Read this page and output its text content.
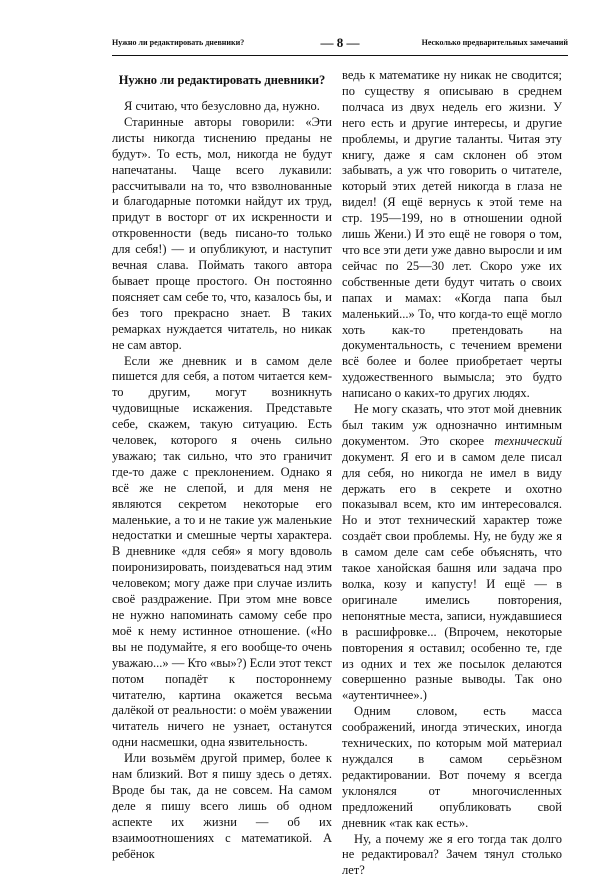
Нужно ли редактировать дневники?	— 8 —	Несколько предварительных замечаний
Нужно ли редактировать дневники?

Я считаю, что безусловно да, нужно.

Старинные авторы говорили: «Эти листы никогда тиснению преданы не будут». То есть, мол, никогда не будут напечатаны. Чаще всего лукавили: рассчитывали на то, что взволнованные и благодарные потомки найдут их труд, придут в восторг от их искренности и откровенности (ведь писано-то только для себя!) — и опубликуют, и наступит вечная слава. Поймать такого автора бывает проще простого. Он постоянно поясняет сам себе то, что, казалось бы, и без того прекрасно знает. В таких ремарках нуждается читатель, но никак не сам автор.

Если же дневник и в самом деле пишется для себя, а потом читается кем-то другим, могут возникнуть чудовищные искажения. Представьте себе, скажем, такую ситуацию. Есть человек, которого я очень сильно уважаю; так сильно, что это граничит где-то даже с преклонением. Однако я всё же не слепой, и для меня не являются секретом некоторые его маленькие, а то и не такие уж маленькие недостатки и смешные черты характера. В дневнике «для себя» я могу вдоволь поиронизировать, поиздеваться над этим человеком; могу даже при случае излить своё раздражение. При этом мне вовсе не нужно напоминать самому себе про моё к нему истинное отношение. («Но вы не подумайте, я его вообще-то очень уважаю...» — Кто «вы»?) Если этот текст потом попадёт к постороннему читателю, картина окажется весьма далёкой от реальности: о моём уважении читатель ничего не узнает, останутся одни насмешки, одна язвительность.

Или возьмём другой пример, более к нам близкий. Вот я пишу здесь о детях. Вроде бы так, да не совсем. На самом деле я пишу всего лишь об одном аспекте их жизни — об их взаимоотношениях с математикой. А ребёнок

ведь к математике ну никак не сводится; по существу я описываю в среднем полчаса из двух недель его жизни. У него есть и другие интересы, и другие проблемы, и другие таланты. Читая эту книгу, даже я сам склонен об этом забывать, а уж что говорить о читателе, который этих детей никогда в глаза не видел! (Я ещё вернусь к этой теме на стр. 195—199, но в отношении одной лишь Жени.) И это ещё не говоря о том, что все эти дети уже давно выросли и им сейчас по 25—30 лет. Скоро уже их собственные дети будут читать о своих папах и мамах: «Когда папа был маленький...» То, что когда-то ещё могло хоть как-то претендовать на документальность, с течением времени всё более и более приобретает черты художественного вымысла; это будто написано о каких-то других людях.

Не могу сказать, что этот мой дневник был таким уж однозначно интимным документом. Это скорее технический документ. Я его и в самом деле писал для себя, но никогда не имел в виду держать его в секрете и охотно показывал всем, кто им интересовался. Но и этот технический характер тоже создаёт свои проблемы. Ну, не буду же я в самом деле сам себе объяснять, что такое ханойская башня или задача про волка, козу и капусту! И ещё — в оригинале имелись повторения, непонятные места, записи, нуждавшиеся в расшифровке... (Впрочем, некоторые повторения я оставил; особенно те, где из одних и тех же посылок делаются совершенно разные выводы. Так оно «аутентичнее».)

Одним словом, есть масса соображений, иногда этических, иногда технических, по которым мой материал нуждался в самом серьёзном редактировании. Вот почему я всегда уклонялся от многочисленных предложений опубликовать свой дневник «так как есть».

Ну, а почему же я его тогда так долго не редактировал? Зачем тянул столько лет?
